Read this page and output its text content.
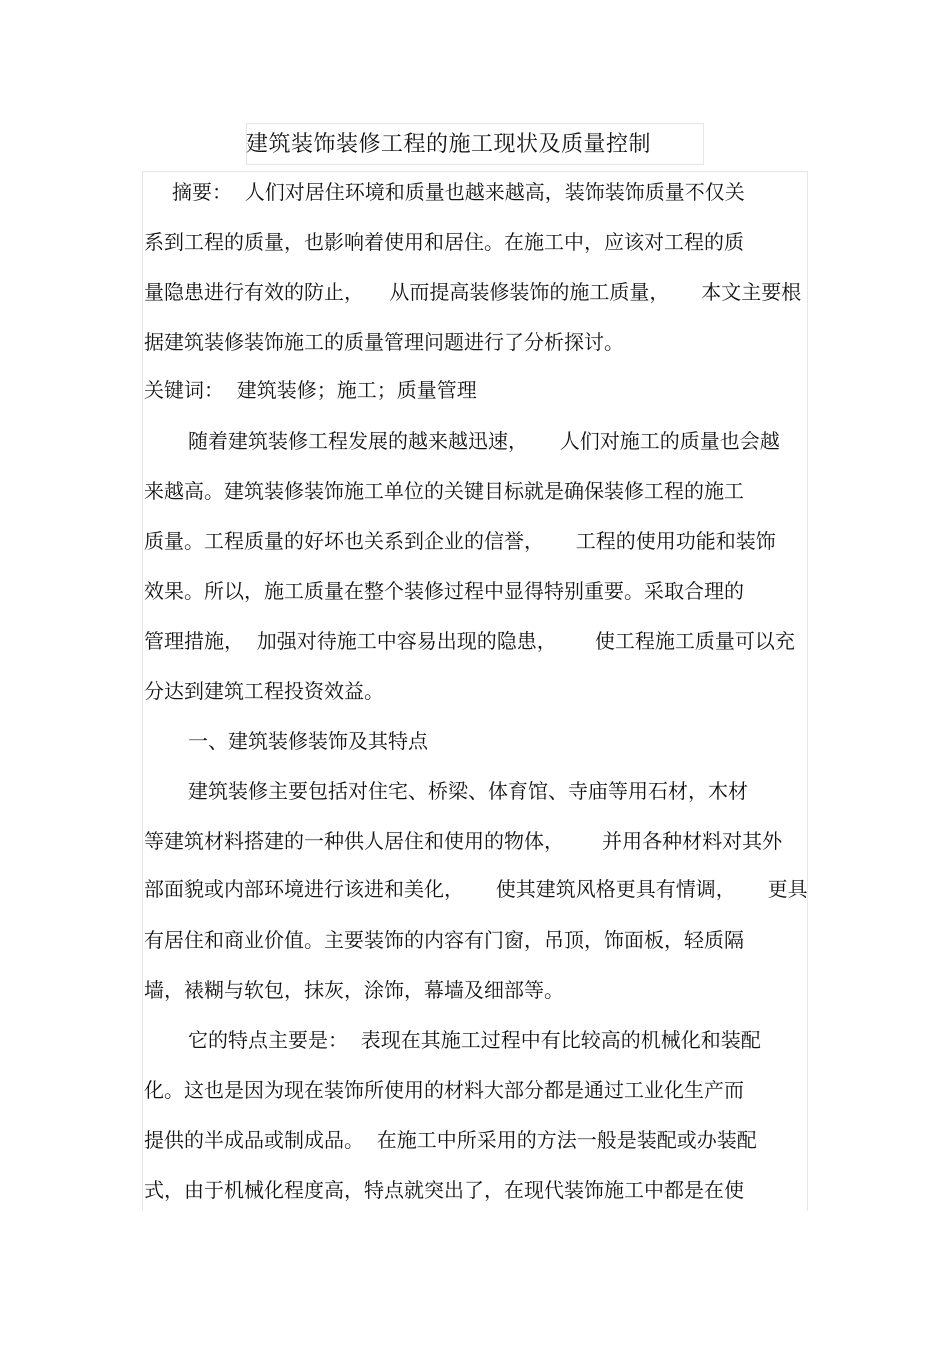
建筑装饰装修工程的施工现状及质量控制
摘要：  人们对居住环境和质量也越来越高，装饰装饰质量不仅关
系到工程的质量，也影响着使用和居住。在施工中，应该对工程的质
量隐患进行有效的防止，    从而提高装修装饰的施工质量，     本文主要根
据建筑装修装饰施工的质量管理问题进行了分析探讨。
关键词：  建筑装修；施工；质量管理
随着建筑装修工程发展的越来越迅速，     人们对施工的质量也会越
来越高。建筑装修装饰施工单位的关键目标就是确保装修工程的施工
质量。工程质量的好坏也关系到企业的信誉，     工程的使用功能和装饰
效果。所以，施工质量在整个装修过程中显得特别重要。采取合理的
管理措施，  加强对待施工中容易出现的隐患，      使工程施工质量可以充
分达到建筑工程投资效益。
一、建筑装修装饰及其特点
建筑装修主要包括对住宅、桥梁、体育馆、寺庙等用石材，木材
等建筑材料搭建的一种供人居住和使用的物体，      并用各种材料对其外
部面貌或内部环境进行该进和美化，     使其建筑风格更具有情调，     更具
有居住和商业价值。主要装饰的内容有门窗，吊顶，饰面板，轻质隔
墙，裱糊与软包，抹灰，涂饰，幕墙及细部等。
它的特点主要是：  表现在其施工过程中有比较高的机械化和装配
化。这也是因为现在装饰所使用的材料大部分都是通过工业化生产而
提供的半成品或制成品。  在施工中所采用的方法一般是装配或办装配
式，由于机械化程度高，特点就突出了，在现代装饰施工中都是在使
